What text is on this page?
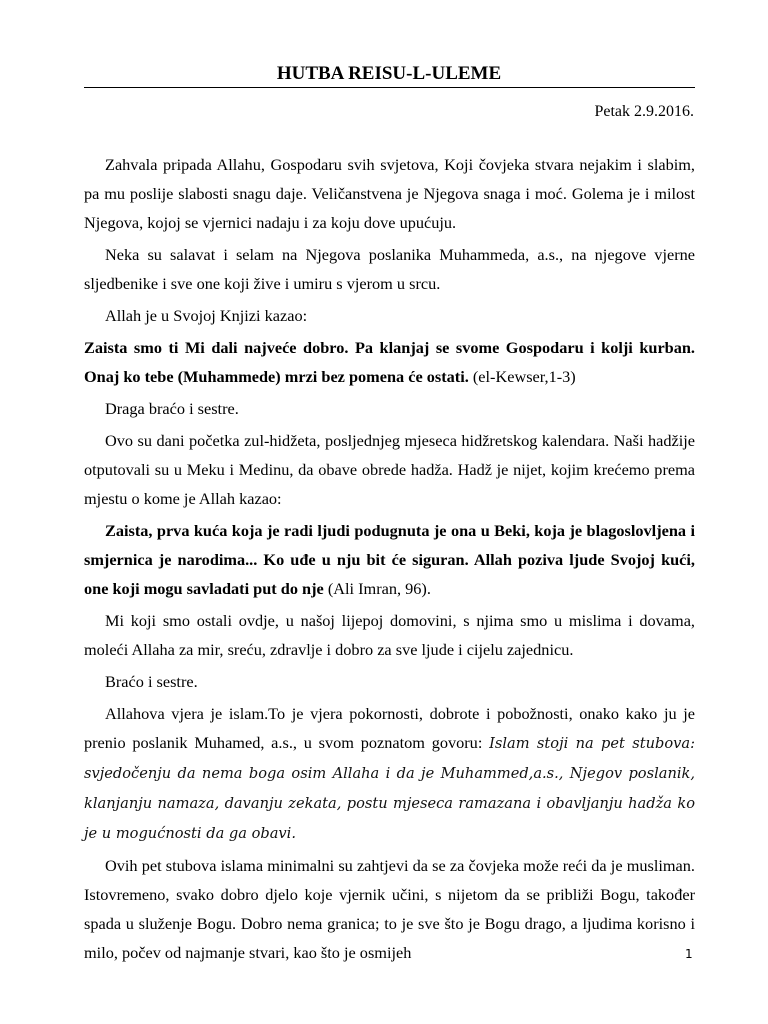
HUTBA REISU-L-ULEME
Petak 2.9.2016.

Zahvala pripada Allahu, Gospodaru svih svjetova, Koji čovjeka stvara nejakim i slabim, pa mu poslije slabosti snagu daje. Veličanstvena je Njegova snaga i moć. Golema je i milost Njegova, kojoj se vjernici nadaju i za koju dove upućuju.

Neka su salavat i selam na Njegova poslanika Muhammeda, a.s., na njegove vjerne sljedbenike i sve one koji žive i umiru s vjerom u srcu.

Allah je u Svojoj Knjizi kazao:

Zaista smo ti Mi dali najveće dobro. Pa klanjaj se svome Gospodaru i kolji kurban. Onaj ko tebe (Muhammede) mrzi bez pomena će ostati. (el-Kewser,1-3)

Draga braćo i sestre.

Ovo su dani početka zul-hidžeta, posljednjeg mjeseca hidžretskog kalendara. Naši hadžije otputovali su u Meku i Medinu, da obave obrede hadža. Hadž je nijet, kojim krećemo prema mjestu o kome je Allah kazao:

Zaista, prva kuća koja je radi ljudi podugnuta je ona u Beki, koja je blagoslovljena i smjernica je narodima... Ko uđe u nju bit će siguran. Allah poziva ljude Svojoj kući, one koji mogu savladati put do nje (Ali Imran, 96).

Mi koji smo ostali ovdje, u našoj lijepoj domovini, s njima smo u mislima i dovama, moleći Allaha za mir, sreću, zdravlje i dobro za sve ljude i cijelu zajednicu.

Braćo i sestre.

Allahova vjera je islam.To je vjera pokornosti, dobrote i pobožnosti, onako kako ju je prenio poslanik Muhamed, a.s., u svom poznatom govoru: Islam stoji na pet stubova: svjedočenju da nema boga osim Allaha i da je Muhammed,a.s., Njegov poslanik, klanjanju namaza, davanju zekata, postu mjeseca ramazana i obavljanju hadža ko je u mogućnosti da ga obavi.

Ovih pet stubova islama minimalni su zahtjevi da se za čovjeka može reći da je musliman. Istovremeno, svako dobro djelo koje vjernik učini, s nijetom da se približi Bogu, također spada u služenje Bogu. Dobro nema granica; to je sve što je Bogu drago, a ljudima korisno i milo, počev od najmanje stvari, kao što je osmijeh	1
